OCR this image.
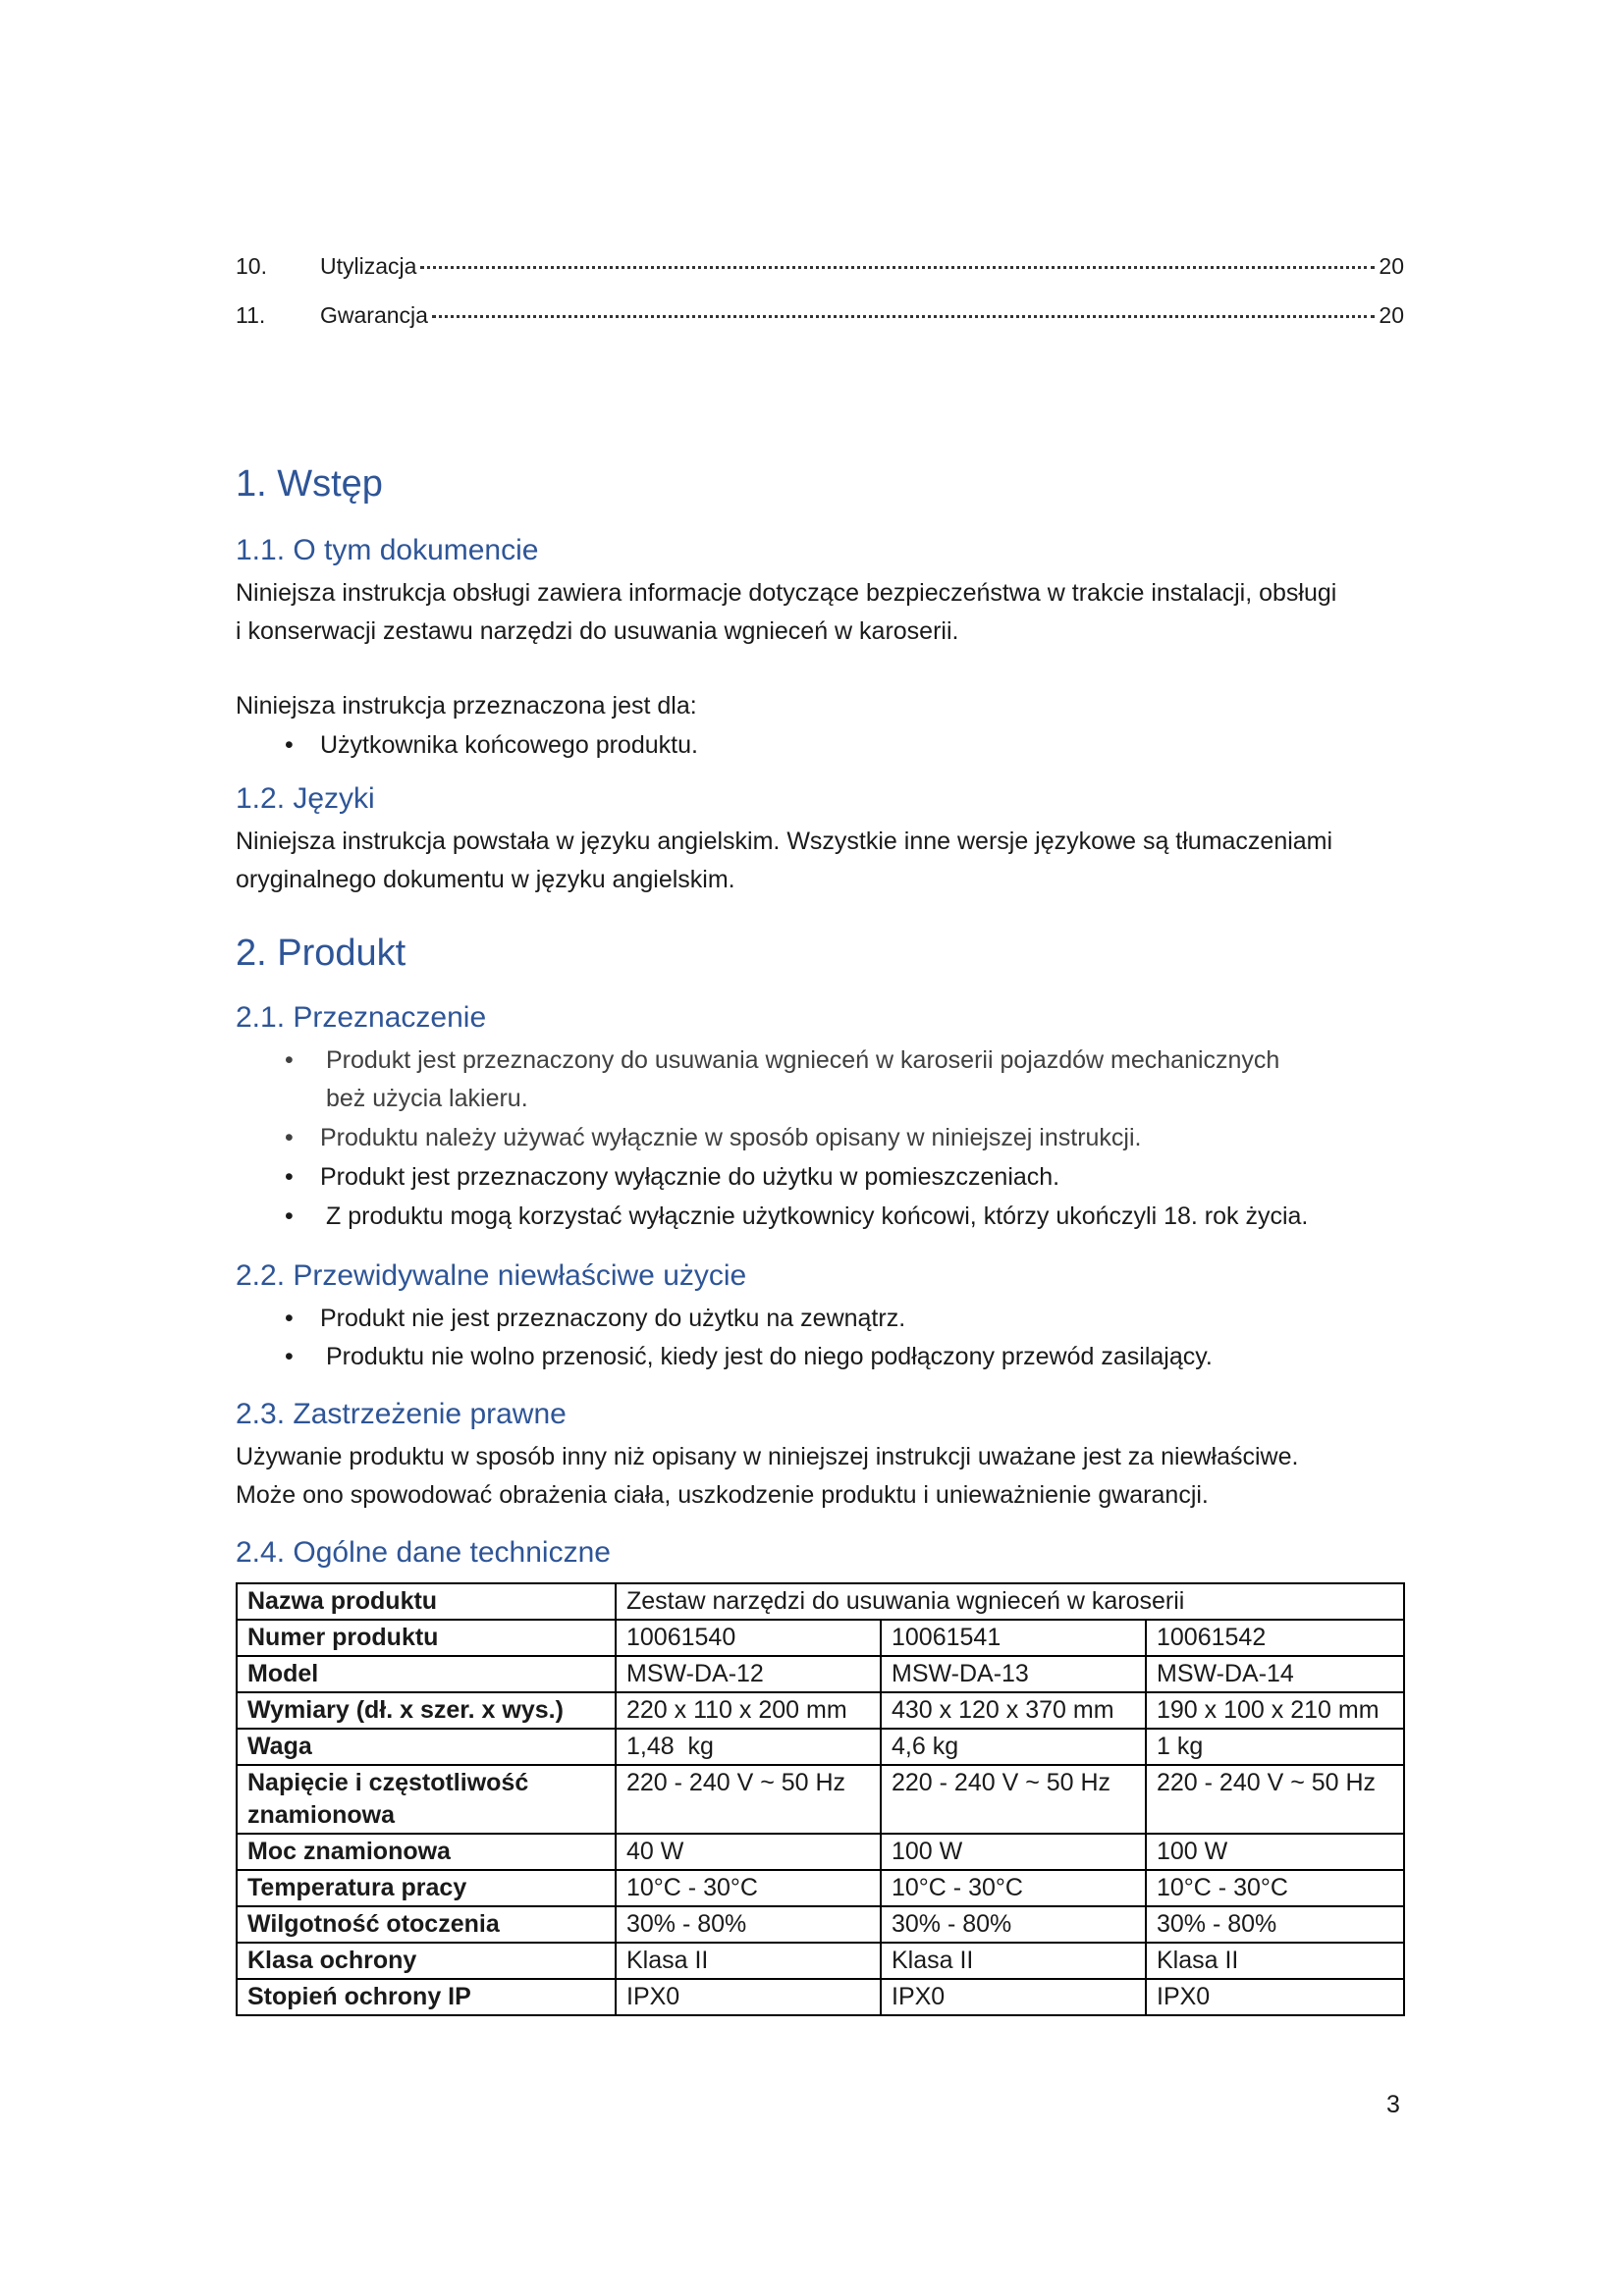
10.	Utylizacja	20
11.	Gwarancja	20
1. Wstęp
1.1. O tym dokumencie
Niniejsza instrukcja obsługi zawiera informacje dotyczące bezpieczeństwa w trakcie instalacji, obsługi
i konserwacji zestawu narzędzi do usuwania wgnieceń w karoserii.
Niniejsza instrukcja przeznaczona jest dla:
• Użytkownika końcowego produktu.
1.2. Języki
Niniejsza instrukcja powstała w języku angielskim. Wszystkie inne wersje językowe są tłumaczeniami
oryginalnego dokumentu w języku angielskim.
2. Produkt
2.1. Przeznaczenie
• Produkt jest przeznaczony do usuwania wgnieceń w karoserii pojazdów mechanicznych
beż użycia lakieru.
• Produktu należy używać wyłącznie w sposób opisany w niniejszej instrukcji.
• Produkt jest przeznaczony wyłącznie do użytku w pomieszczeniach.
• Z produktu mogą korzystać wyłącznie użytkownicy końcowi, którzy ukończyli 18. rok życia.
2.2. Przewidywalne niewłaściwe użycie
• Produkt nie jest przeznaczony do użytku na zewnątrz.
• Produktu nie wolno przenosić, kiedy jest do niego podłączony przewód zasilający.
2.3. Zastrzeżenie prawne
Używanie produktu w sposób inny niż opisany w niniejszej instrukcji uważane jest za niewłaściwe.
Może ono spowodować obrażenia ciała, uszkodzenie produktu i unieważnienie gwarancji.
2.4. Ogólne dane techniczne
Nazwa produktu	Zestaw narzędzi do usuwania wgnieceń w karoserii		
Numer produktu	10061540	10061541	10061542
Model	MSW-DA-12	MSW-DA-13	MSW-DA-14
Wymiary (dł. x szer. x wys.)	220 x 110 x 200 mm	430 x 120 x 370 mm	190 x 100 x 210 mm
Waga	1,48  kg	4,6 kg	1 kg
Napięcie i częstotliwość znamionowa	220 - 240 V ~ 50 Hz	220 - 240 V ~ 50 Hz	220 - 240 V ~ 50 Hz
Moc znamionowa	40 W	100 W	100 W
Temperatura pracy	10°C - 30°C	10°C - 30°C	10°C - 30°C
Wilgotność otoczenia	30% - 80%	30% - 80%	30% - 80%
Klasa ochrony	Klasa II	Klasa II	Klasa II
Stopień ochrony IP	IPX0	IPX0	IPX0
3
